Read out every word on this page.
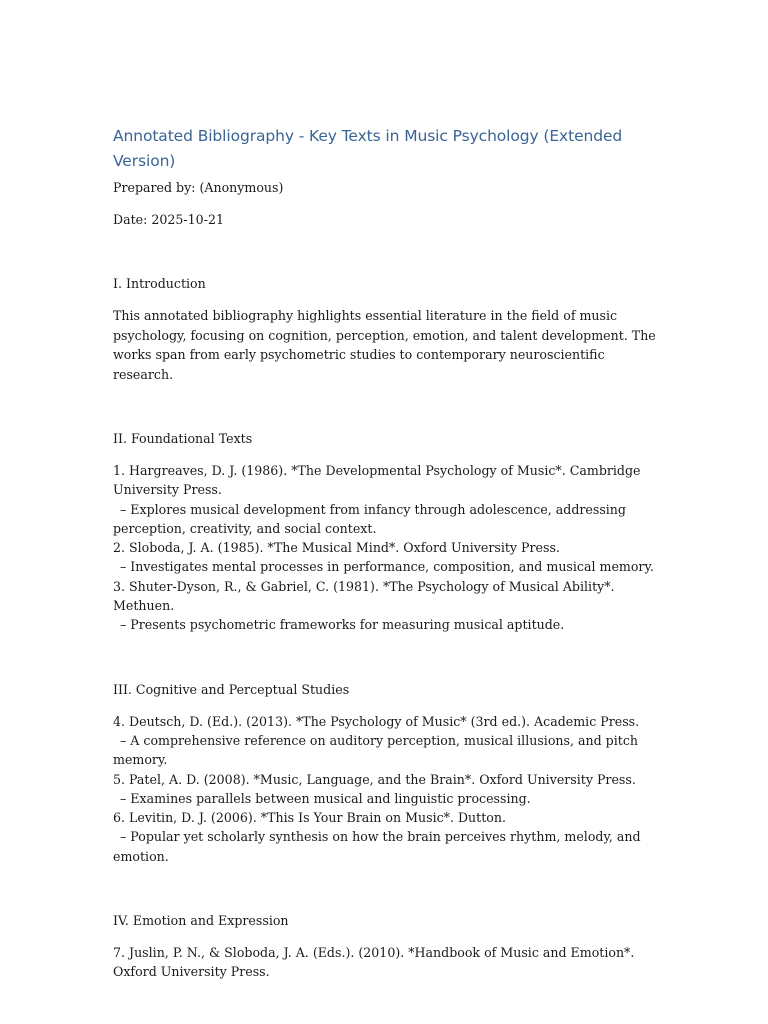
Annotated Bibliography - Key Texts in Music Psychology (Extended Version)

Prepared by: (Anonymous)

Date: 2025-10-21

I. Introduction

This annotated bibliography highlights essential literature in the field of music psychology, focusing on cognition, perception, emotion, and talent development. The works span from early psychometric studies to contemporary neuroscientific research.

II. Foundational Texts
1. Hargreaves, D. J. (1986). *The Developmental Psychology of Music*. Cambridge University Press.
– Explores musical development from infancy through adolescence, addressing perception, creativity, and social context.
2. Sloboda, J. A. (1985). *The Musical Mind*. Oxford University Press.
– Investigates mental processes in performance, composition, and musical memory.
3. Shuter-Dyson, R., & Gabriel, C. (1981). *The Psychology of Musical Ability*. Methuen.
– Presents psychometric frameworks for measuring musical aptitude.
III. Cognitive and Perceptual Studies
4. Deutsch, D. (Ed.). (2013). *The Psychology of Music* (3rd ed.). Academic Press.
– A comprehensive reference on auditory perception, musical illusions, and pitch memory.
5. Patel, A. D. (2008). *Music, Language, and the Brain*. Oxford University Press.
– Examines parallels between musical and linguistic processing.
6. Levitin, D. J. (2006). *This Is Your Brain on Music*. Dutton.
– Popular yet scholarly synthesis on how the brain perceives rhythm, melody, and emotion.
IV. Emotion and Expression
7. Juslin, P. N., & Sloboda, J. A. (Eds.). (2010). *Handbook of Music and Emotion*. Oxford University Press.
